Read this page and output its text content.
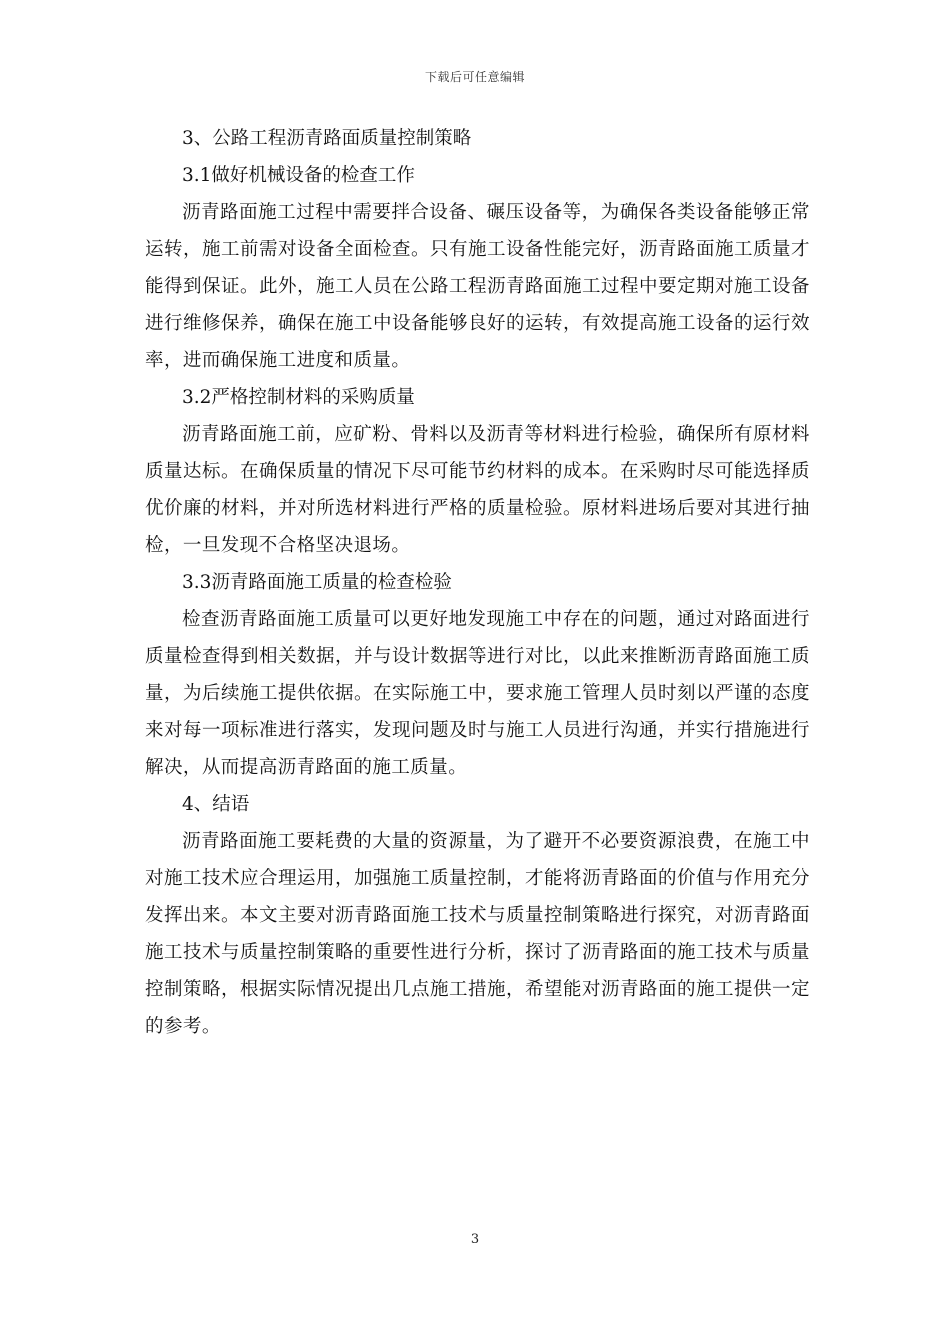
下载后可任意编辑
3、公路工程沥青路面质量控制策略
3.1做好机械设备的检查工作

沥青路面施工过程中需要拌合设备、碾压设备等，为确保各类设备能够正常运转，施工前需对设备全面检查。只有施工设备性能完好，沥青路面施工质量才能得到保证。此外，施工人员在公路工程沥青路面施工过程中要定期对施工设备进行维修保养，确保在施工中设备能够良好的运转，有效提高施工设备的运行效率，进而确保施工进度和质量。

3.2严格控制材料的采购质量

沥青路面施工前，应矿粉、骨料以及沥青等材料进行检验，确保所有原材料质量达标。在确保质量的情况下尽可能节约材料的成本。在采购时尽可能选择质优价廉的材料，并对所选材料进行严格的质量检验。原材料进场后要对其进行抽检，一旦发现不合格坚决退场。

3.3沥青路面施工质量的检查检验

检查沥青路面施工质量可以更好地发现施工中存在的问题，通过对路面进行质量检查得到相关数据，并与设计数据等进行对比，以此来推断沥青路面施工质量，为后续施工提供依据。在实际施工中，要求施工管理人员时刻以严谨的态度来对每一项标准进行落实，发现问题及时与施工人员进行沟通，并实行措施进行解决，从而提高沥青路面的施工质量。

4、结语

沥青路面施工要耗费的大量的资源量，为了避开不必要资源浪费，在施工中对施工技术应合理运用，加强施工质量控制，才能将沥青路面的价值与作用充分发挥出来。本文主要对沥青路面施工技术与质量控制策略进行探究，对沥青路面施工技术与质量控制策略的重要性进行分析，探讨了沥青路面的施工技术与质量控制策略，根据实际情况提出几点施工措施，希望能对沥青路面的施工提供一定的参考。

3
